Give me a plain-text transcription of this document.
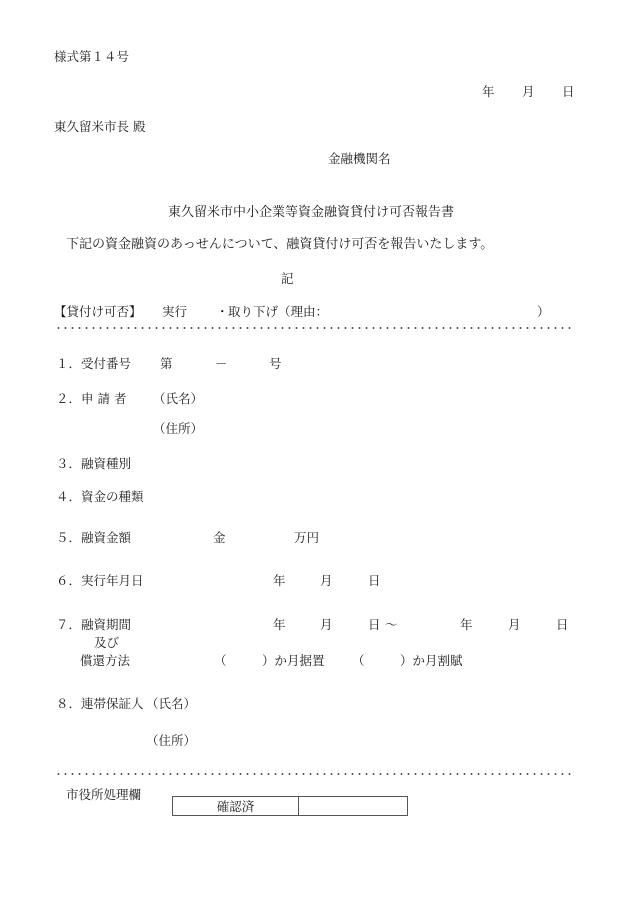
様式第１４号
年 月 日
東久留米市長 殿
金融機関名
東久留米市中小企業等資金融資貸付け可否報告書
下記の資金融資のあっせんについて、融資貸付け可否を報告いたします。
記
【貸付け可否】 実行 ・ 取り下げ（理由：	）
１．受付番号 第	－	号
２．申 請 者 （氏名）
（住所）
３．融資種別
４．資金の種類
５．融資金額	金	万円
６．実行年月日	年	月	日
７．融資期間	年	月	日 ～	年	月	日
及び
償還方法	（	）か月据置 （	）か月割賦
８．連帯保証人 （氏名）
（住所）
市役所処理欄
確認済
